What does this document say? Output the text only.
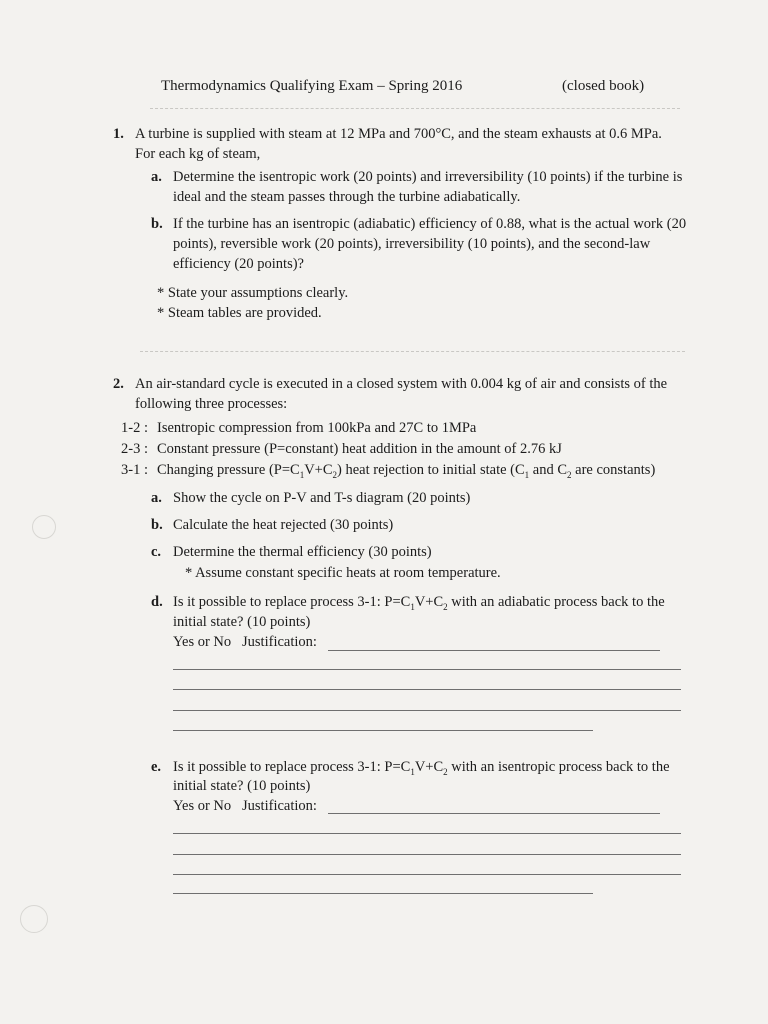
Thermodynamics Qualifying Exam – Spring 2016	(closed book)
1. A turbine is supplied with steam at 12 MPa and 700°C, and the steam exhausts at 0.6 MPa.
For each kg of steam,
a. Determine the isentropic work (20 points) and irreversibility (10 points) if the turbine is
ideal and the steam passes through the turbine adiabatically.
b. If the turbine has an isentropic (adiabatic) efficiency of 0.88, what is the actual work (20
points), reversible work (20 points), irreversibility (10 points), and the second-law
efficiency (20 points)?
* State your assumptions clearly.
* Steam tables are provided.
2. An air-standard cycle is executed in a closed system with 0.004 kg of air and consists of the
following three processes:
1-2 : Isentropic compression from 100kPa and 27C to 1MPa
2-3 : Constant pressure (P=constant) heat addition in the amount of 2.76 kJ
3-1 : Changing pressure $(P=C_1V+C_2)$ heat rejection to initial state ($C_1$ and $C_2$ are constants)
a. Show the cycle on P-V and T-s diagram (20 points)
b. Calculate the heat rejected (30 points)
c. Determine the thermal efficiency (30 points)
* Assume constant specific heats at room temperature.
d. Is it possible to replace process 3-1: $P=C_1V+C_2$ with an adiabatic process back to the
initial state? (10 points)
Yes or No   Justification:
e. Is it possible to replace process 3-1: $P=C_1V+C_2$ with an isentropic process back to the
initial state? (10 points)
Yes or No   Justification:
